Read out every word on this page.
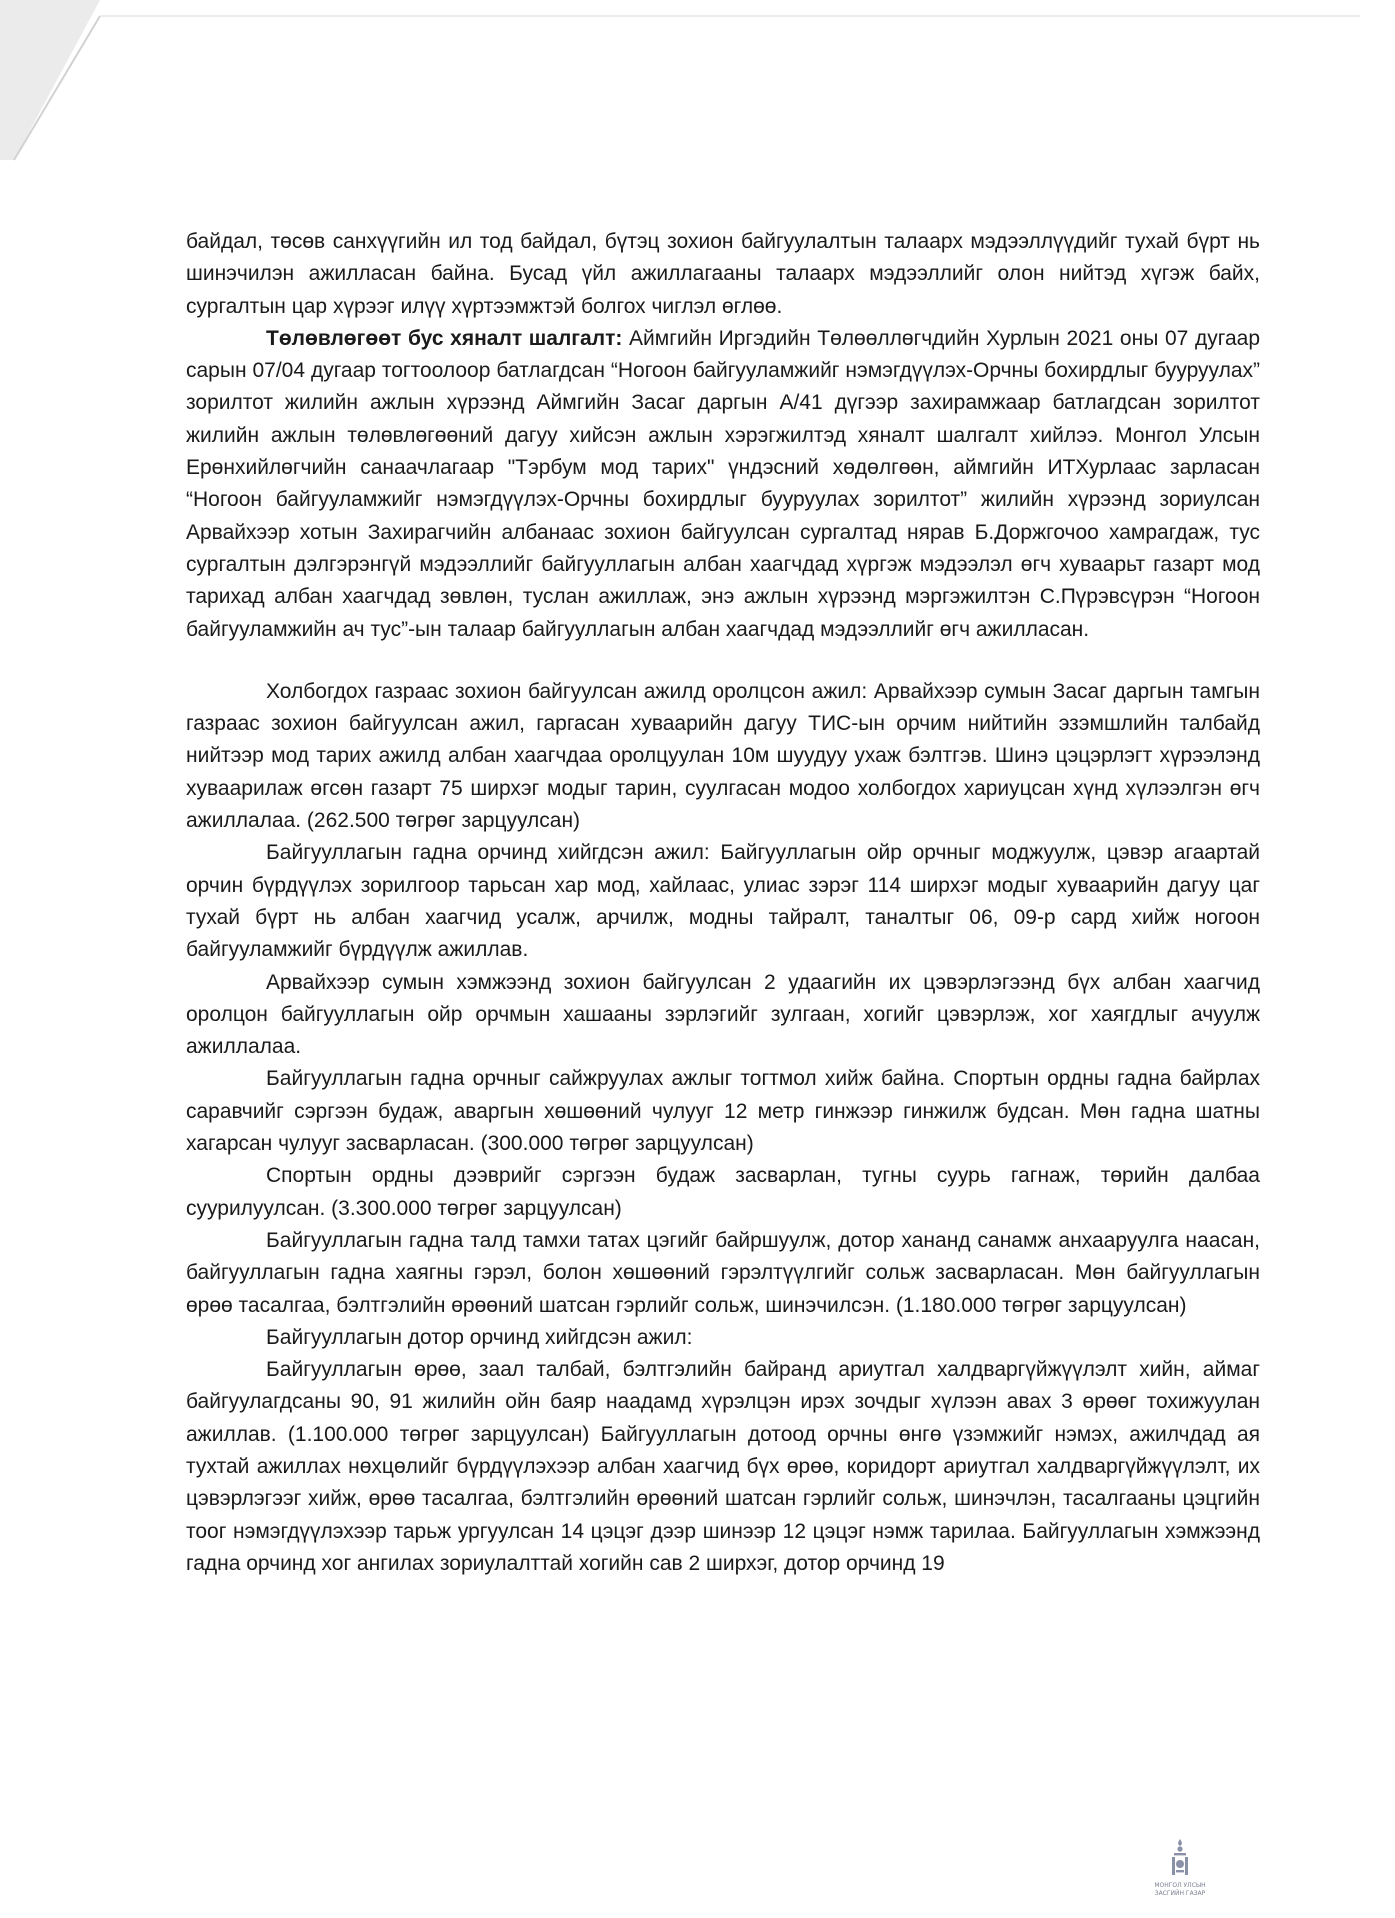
байдал, төсөв санхүүгийн ил тод байдал, бүтэц зохион байгуулалтын талаарх мэдээллүүдийг тухай бүрт нь шинэчилэн ажилласан байна. Бусад үйл ажиллагааны талаарх мэдээллийг олон нийтэд хүгэж байх, сургалтын цар хүрээг илүү хүртээмжтэй болгох чиглэл өглөө.

Төлөвлөгөөт бус хяналт шалгалт: Аймгийн Иргэдийн Төлөөллөгчдийн Хурлын 2021 оны 07 дугаар сарын 07/04 дугаар тогтоолоор батлагдсан “Ногоон байгууламжийг нэмэгдүүлэх-Орчны бохирдлыг бууруулах” зорилтот жилийн ажлын хүрээнд Аймгийн Засаг даргын А/41 дүгээр захирамжаар батлагдсан зорилтот жилийн ажлын төлөвлөгөөний дагуу хийсэн ажлын хэрэгжилтэд хяналт шалгалт хийлээ. Монгол Улсын Ерөнхийлөгчийн санаачлагаар "Тэрбум мод тарих" үндэсний хөдөлгөөн, аймгийн ИТХурлаас зарласан “Ногоон байгууламжийг нэмэгдүүлэх-Орчны бохирдлыг бууруулах зорилтот” жилийн хүрээнд зориулсан Арвайхээр хотын Захирагчийн албанаас зохион байгуулсан сургалтад нярав Б.Доржгочоо хамрагдаж, тус сургалтын дэлгэрэнгүй мэдээллийг байгууллагын албан хаагчдад хүргэж мэдээлэл өгч хуваарьт газарт мод тарихад албан хаагчдад зөвлөн, туслан ажиллаж, энэ ажлын хүрээнд мэргэжилтэн С.Пүрэвсүрэн “Ногоон байгууламжийн ач тус”-ын талаар байгууллагын албан хаагчдад мэдээллийг өгч ажилласан.

Холбогдох газраас зохион байгуулсан ажилд оролцсон ажил: Арвайхээр сумын Засаг даргын тамгын газраас зохион байгуулсан ажил, гаргасан хуваарийн дагуу ТИС-ын орчим нийтийн эзэмшлийн талбайд нийтээр мод тарих ажилд албан хаагчдаа оролцуулан 10м шуудуу ухаж бэлтгэв. Шинэ цэцэрлэгт хүрээлэнд хуваарилаж өгсөн газарт 75 ширхэг модыг тарин, суулгасан модоо холбогдох хариуцсан хүнд хүлээлгэн өгч ажиллалаа. (262.500 төгрөг зарцуулсан)

Байгууллагын гадна орчинд хийгдсэн ажил: Байгууллагын ойр орчныг моджуулж, цэвэр агаартай орчин бүрдүүлэх зорилгоор тарьсан хар мод, хайлаас, улиас зэрэг 114 ширхэг модыг хуваарийн дагуу цаг тухай бүрт нь албан хаагчид усалж, арчилж, модны тайралт, таналтыг 06, 09-р сард хийж ногоон байгууламжийг бүрдүүлж ажиллав.

Арвайхээр сумын хэмжээнд зохион байгуулсан 2 удаагийн их цэвэрлэгээнд бүх албан хаагчид оролцон байгууллагын ойр орчмын хашааны зэрлэгийг зулгаан, хогийг цэвэрлэж, хог хаягдлыг ачуулж ажиллалаа.

Байгууллагын гадна орчныг сайжруулах ажлыг тогтмол хийж байна. Спортын ордны гадна байрлах саравчийг сэргээн будаж, аваргын хөшөөний чулууг 12 метр гинжээр гинжилж будсан. Мөн гадна шатны хагарсан чулууг засварласан. (300.000 төгрөг зарцуулсан)

Спортын ордны дээврийг сэргээн будаж засварлан, тугны суурь гагнаж, төрийн далбаа суурилуулсан. (3.300.000 төгрөг зарцуулсан)

Байгууллагын гадна талд тамхи татах цэгийг байршуулж, дотор хананд санамж анхааруулга наасан, байгууллагын гадна хаягны гэрэл, болон хөшөөний гэрэлтүүлгийг сольж засварласан. Мөн байгууллагын өрөө тасалгаа, бэлтгэлийн өрөөний шатсан гэрлийг сольж, шинэчилсэн. (1.180.000 төгрөг зарцуулсан)

Байгууллагын дотор орчинд хийгдсэн ажил:

Байгууллагын өрөө, заал талбай, бэлтгэлийн байранд ариутгал халдваргүйжүүлэлт хийн, аймаг байгуулагдсаны 90, 91 жилийн ойн баяр наадамд хүрэлцэн ирэх зочдыг хүлээн авах 3 өрөөг тохижуулан ажиллав. (1.100.000 төгрөг зарцуулсан) Байгууллагын дотоод орчны өнгө үзэмжийг нэмэх, ажилчдад ая тухтай ажиллах нөхцөлийг бүрдүүлэхээр албан хаагчид бүх өрөө, коридорт ариутгал халдваргүйжүүлэлт, их цэвэрлэгээг хийж, өрөө тасалгаа, бэлтгэлийн өрөөний шатсан гэрлийг сольж, шинэчлэн, тасалгааны цэцгийн тоог нэмэгдүүлэхээр тарьж ургуулсан 14 цэцэг дээр шинээр 12 цэцэг нэмж тарилаа. Байгууллагын хэмжээнд гадна орчинд хог ангилах зориулалттай хогийн сав 2 ширхэг, дотор орчинд 19

МОНГОЛ УЛСЫН
ЗАСГИЙН ГАЗАР
